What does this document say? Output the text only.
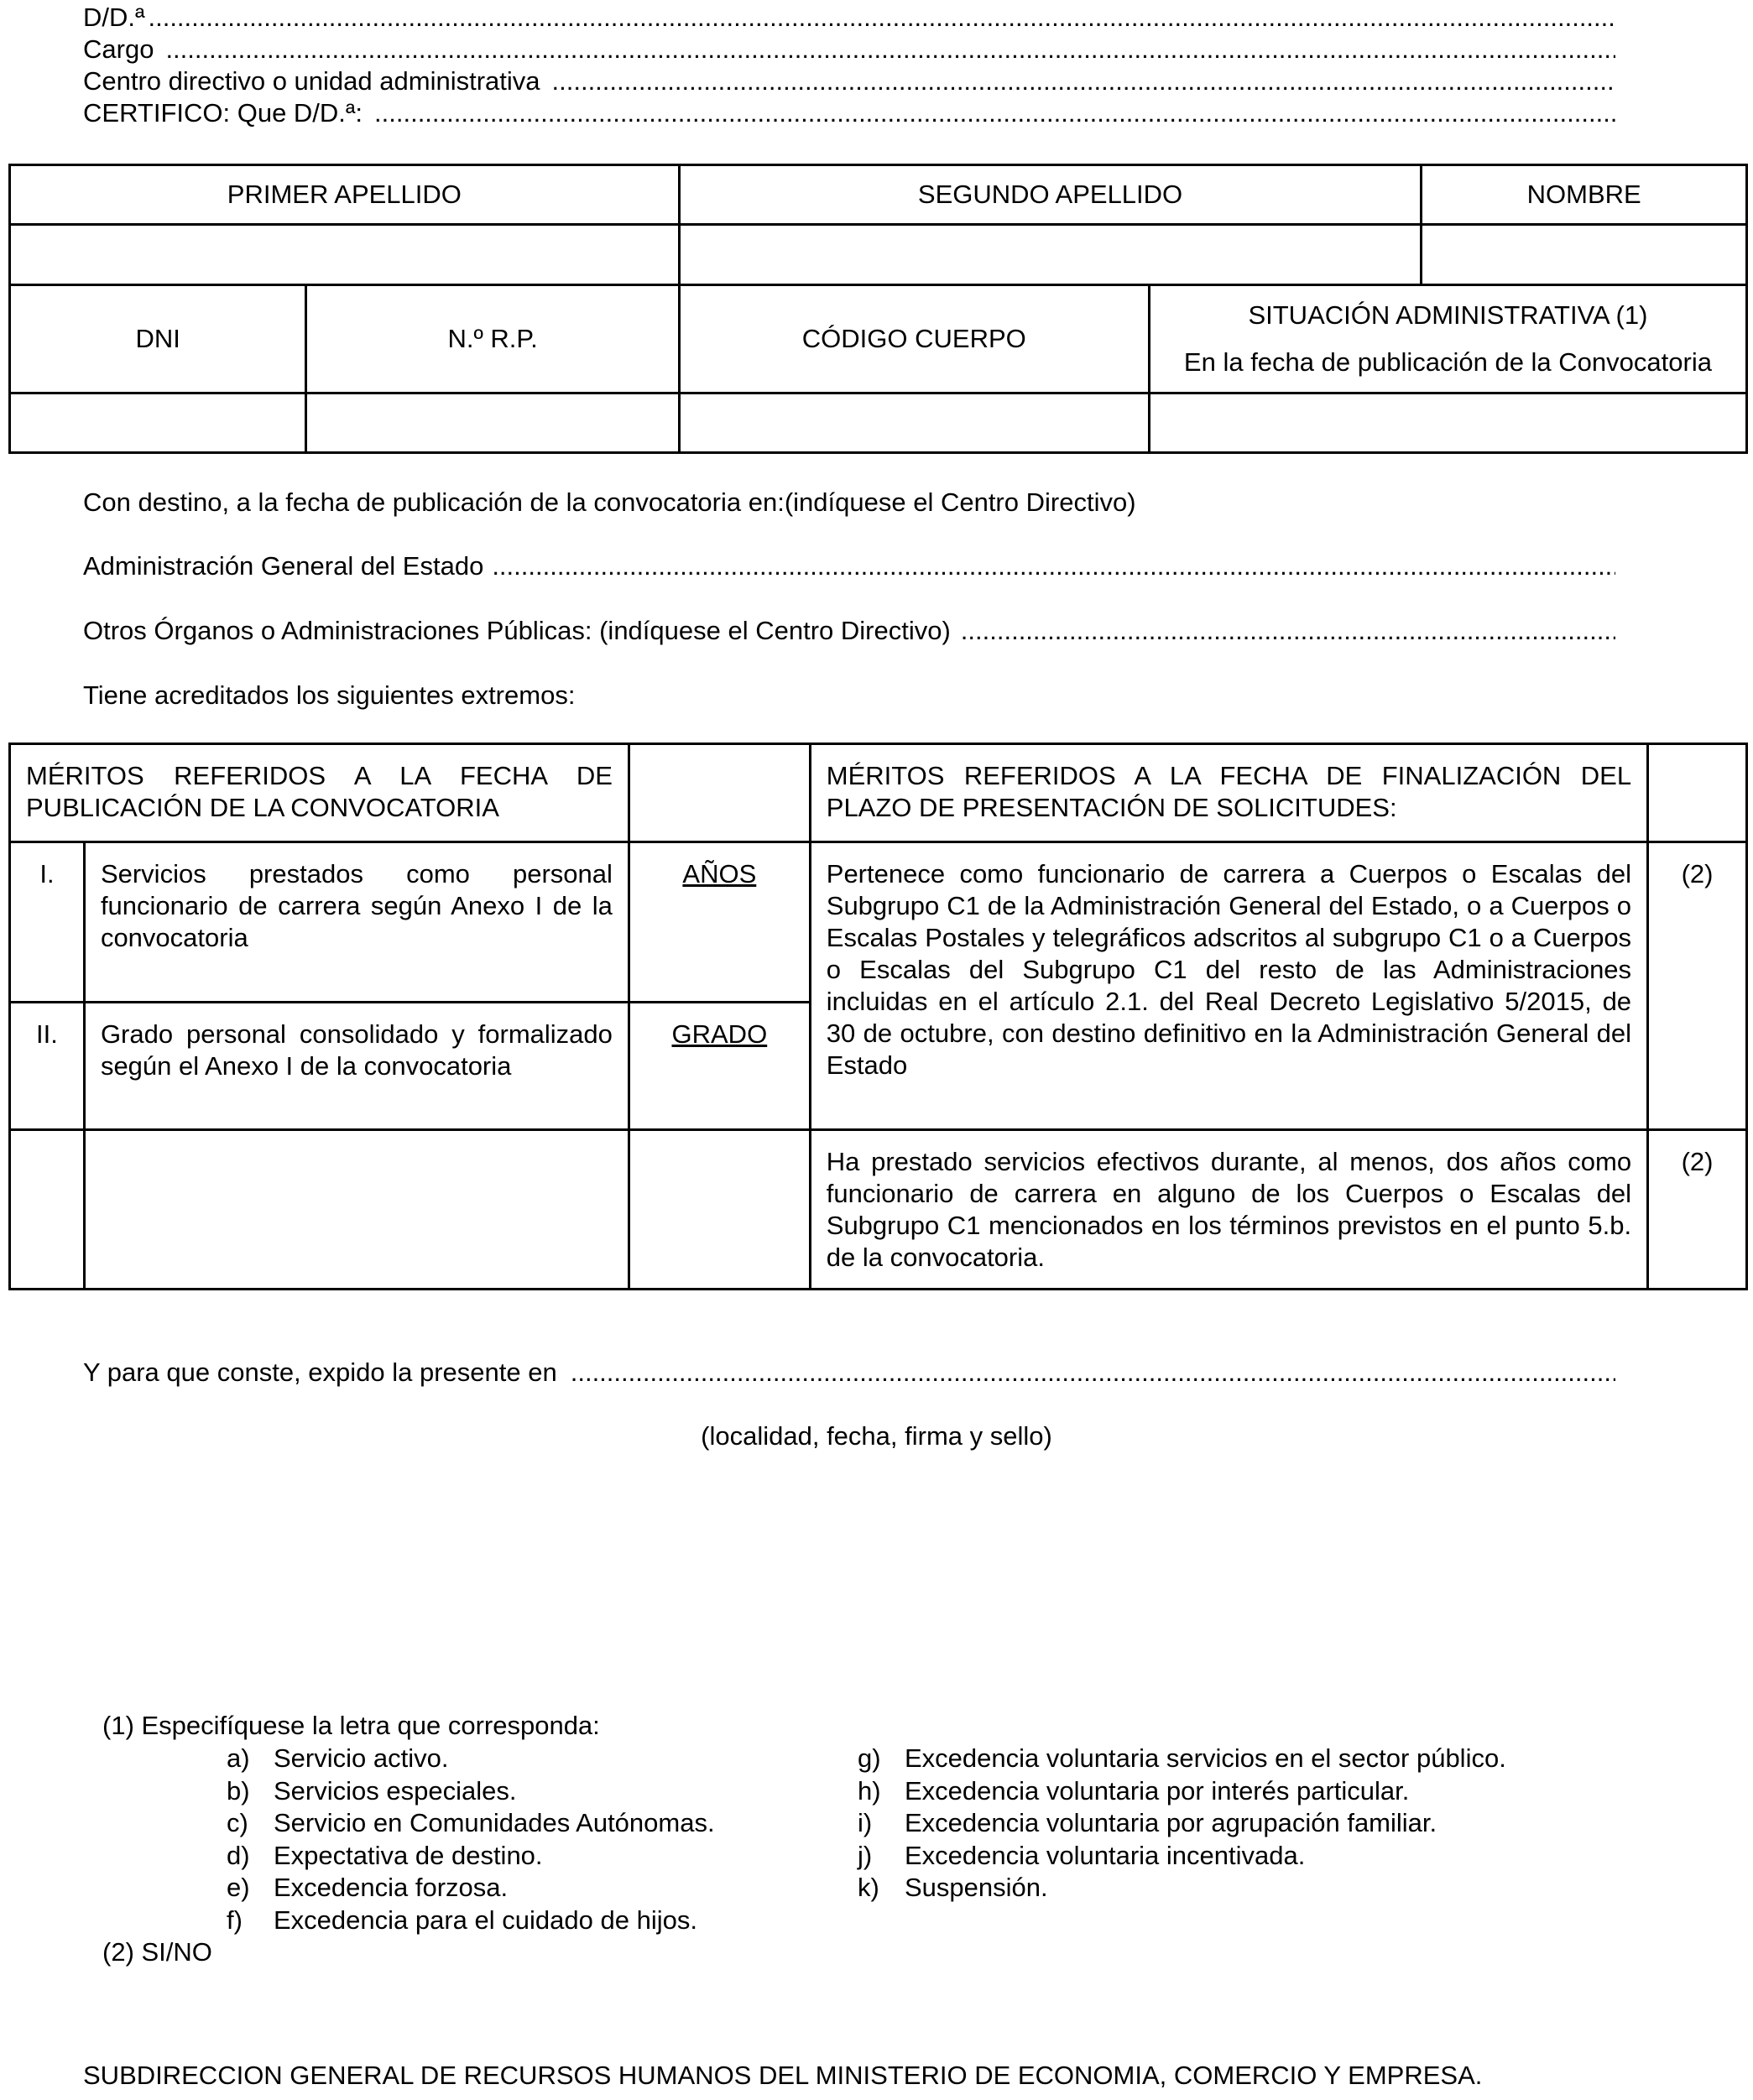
D/D.ª
.....
Cargo
.....
Centro directivo o unidad administrativa
.....
CERTIFICO: Que D/D.ª:
.....
PRIMER APELLIDO		SEGUNDO APELLIDO		NOMBRE

DNI	N.º R.P.	CÓDIGO CUERPO	SITUACIÓN ADMINISTRATIVA (1)
En la fecha de publicación de la Convocatoria	

Con destino, a la fecha de publicación de la convocatoria en:(indíquese el Centro Directivo)
Administración General del Estado
.....
Otros Órganos o Administraciones Públicas: (indíquese el Centro Directivo)
.....
Tiene acreditados los siguientes extremos:
MÉRITOS REFERIDOS A LA FECHA DE PUBLICACIÓN DE LA CONVOCATORIA			MÉRITOS REFERIDOS A LA FECHA DE FINALIZACIÓN DEL PLAZO DE PRESENTACIÓN DE SOLICITUDES:	
I.	Servicios prestados como personal funcionario de carrera según Anexo I de la convocatoria	AÑOS	Pertenece como funcionario de carrera a Cuerpos o Escalas del Subgrupo C1 de la Administración General del Estado, o a Cuerpos o Escalas Postales y telegráficos adscritos al subgrupo C1 o a Cuerpos o Escalas del Subgrupo C1 del resto de las Administraciones incluidas en el artículo 2.1. del Real Decreto Legislativo 5/2015, de 30 de octubre, con destino definitivo en la Administración General del Estado	(2)
II.	Grado personal consolidado y formalizado según el Anexo I de la convocatoria	GRADO		
			Ha prestado servicios efectivos durante, al menos, dos años como funcionario de carrera en alguno de los Cuerpos o Escalas del Subgrupo C1 mencionados en los términos previstos en el punto 5.b. de la convocatoria.	(2)
Y para que conste, expido la presente en
.....
(localidad, fecha, firma y sello)
(1) Especifíquese la letra que corresponda:
a) Servicio activo.
b) Servicios especiales.
c) Servicio en Comunidades Autónomas.
d) Expectativa de destino.
e) Excedencia forzosa.
f) Excedencia para el cuidado de hijos.
g) Excedencia voluntaria servicios en el sector público.
h) Excedencia voluntaria por interés particular.
i) Excedencia voluntaria por agrupación familiar.
j) Excedencia voluntaria incentivada.
k) Suspensión.
(2) SI/NO
SUBDIRECCION GENERAL DE RECURSOS HUMANOS DEL MINISTERIO DE ECONOMIA, COMERCIO Y EMPRESA.
